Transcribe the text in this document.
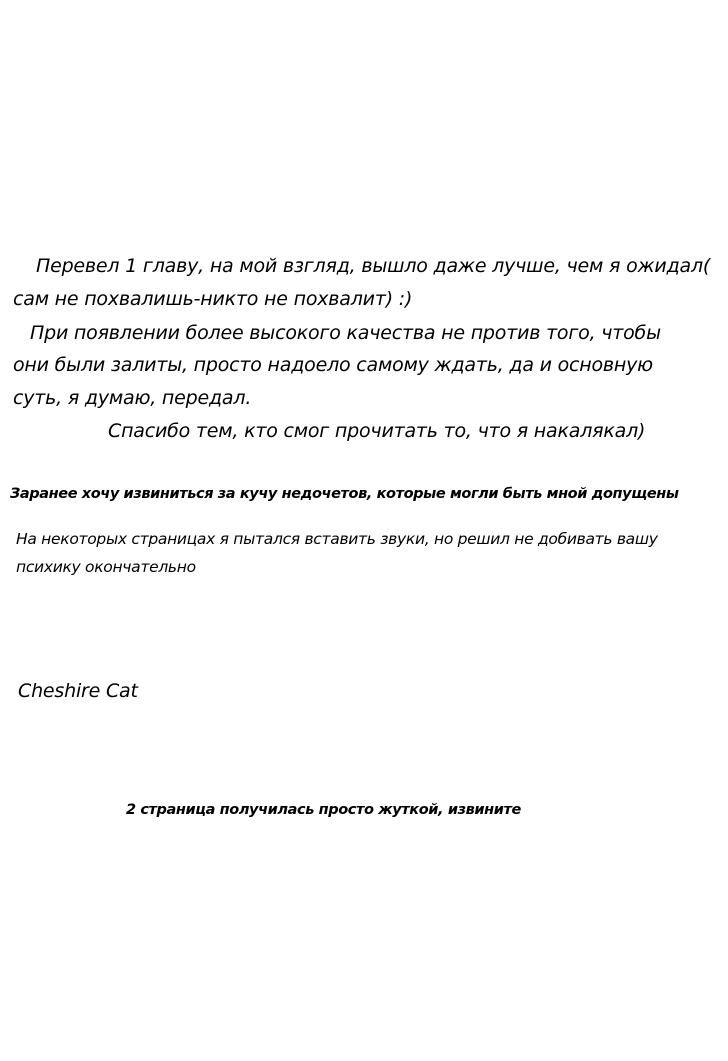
Перевел 1 главу, на мой взгляд, вышло даже лучше, чем я ожидал(
сам не похвалишь-никто не похвалит) :)
При появлении более высокого качества не против того, чтобы
они были залиты, просто надоело самому ждать, да и основную
суть, я думаю, передал.
Спасибо тем, кто смог прочитать то, что я накалякал)
Заранее хочу извиниться за кучу недочетов, которые могли быть мной допущены
На некоторых страницах я пытался вставить звуки, но решил не добивать вашу
психику окончательно
Cheshire Cat
2 страница получилась просто жуткой, извините
